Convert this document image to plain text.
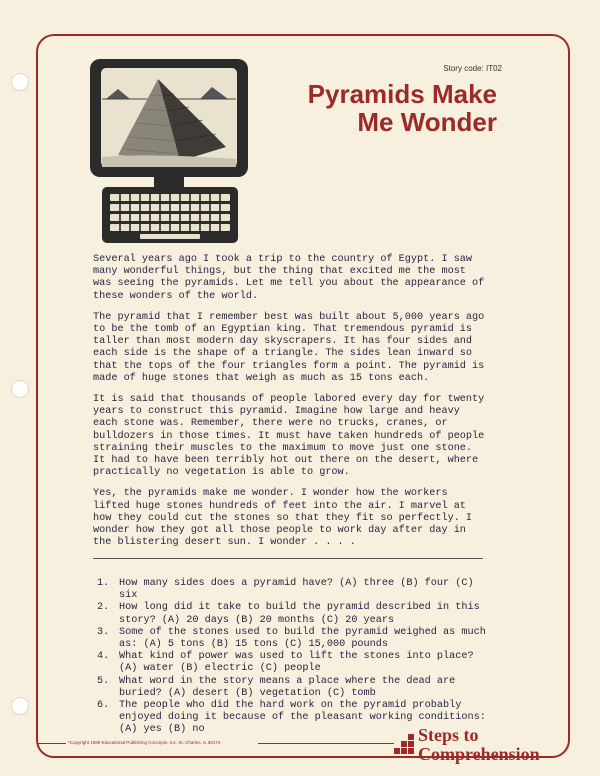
Story code: IT02
Pyramids Make
Me Wonder

Several years ago I took a trip to the country of Egypt. I saw many wonderful things, but the thing that excited me the most was seeing the pyramids. Let me tell you about the appearance of these wonders of the world.

The pyramid that I remember best was built about 5,000 years ago to be the tomb of an Egyptian king. That tremendous pyramid is taller than most modern day skyscrapers. It has four sides and each side is the shape of a triangle. The sides lean inward so that the tops of the four triangles form a point. The pyramid is made of huge stones that weigh as much as 15 tons each.

It is said that thousands of people labored every day for twenty years to construct this pyramid. Imagine how large and heavy each stone was. Remember, there were no trucks, cranes, or bulldozers in those times. It must have taken hundreds of people straining their muscles to the maximum to move just one stone. It had to have been terribly hot out there on the desert, where practically no vegetation is able to grow.

Yes, the pyramids make me wonder. I wonder how the workers lifted huge stones hundreds of feet into the air. I marvel at how they could cut the stones so that they fit so perfectly. I wonder how they got all those people to work day after day in the blistering desert sun. I wonder . . . .

1. How many sides does a pyramid have? (A) three (B) four (C) six
2. How long did it take to build the pyramid described in this story? (A) 20 days (B) 20 months (C) 20 years
3. Some of the stones used to build the pyramid weighed as much as: (A) 5 tons (B) 15 tons (C) 15,000 pounds
4. What kind of power was used to lift the stones into place? (A) water (B) electric (C) people
5. What word in the story means a place where the dead are buried? (A) desert (B) vegetation (C) tomb
6. The people who did the hard work on the pyramid probably enjoyed doing it because of the pleasant working conditions: (A) yes (B) no
*Copyright 1989 Educational Publishing Concepts, Inc. St. Charles, IL 60174	Steps to
Comprehension
